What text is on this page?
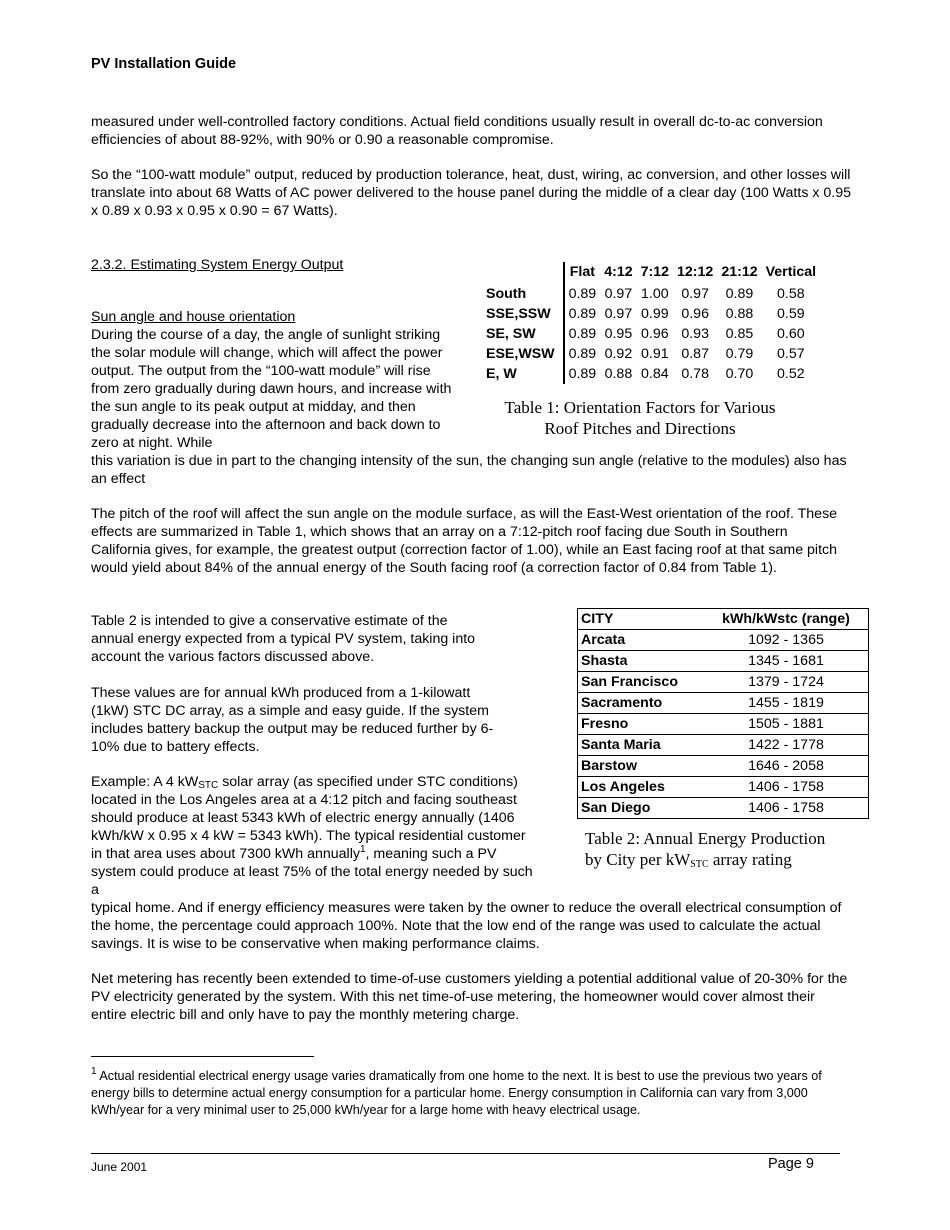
PV Installation Guide

measured under well-controlled factory conditions. Actual field conditions usually result in overall dc-to-ac conversion efficiencies of about 88-92%, with 90% or 0.90 a reasonable compromise.

So the “100-watt module” output, reduced by production tolerance, heat, dust, wiring, ac conversion, and other losses will translate into about 68 Watts of AC power delivered to the house panel during the middle of a clear day (100 Watts x 0.95 x 0.89 x 0.93 x 0.95 x 0.90 = 67 Watts).

2.3.2. Estimating System Energy Output
Sun angle and house orientation

During the course of a day, the angle of sunlight striking the solar module will change, which will affect the power output. The output from the “100-watt module” will rise from zero gradually during dawn hours, and increase with the sun angle to its peak output at midday, and then gradually decrease into the afternoon and back down to zero at night. While

this variation is due in part to the changing intensity of the sun, the changing sun angle (relative to the modules) also has an effect

	Flat	4:12	7:12	12:12	21:12	Vertical
South	0.89	0.97	1.00	0.97	0.89	0.58
SSE,SSW	0.89	0.97	0.99	0.96	0.88	0.59
SE, SW	0.89	0.95	0.96	0.93	0.85	0.60
ESE,WSW	0.89	0.92	0.91	0.87	0.79	0.57
E, W	0.89	0.88	0.84	0.78	0.70	0.52
Table 1: Orientation Factors for Various
Roof Pitches and Directions

The pitch of the roof will affect the sun angle on the module surface, as will the East-West orientation of the roof. These effects are summarized in Table 1, which shows that an array on a 7:12-pitch roof facing due South in Southern California gives, for example, the greatest output (correction factor of 1.00), while an East facing roof at that same pitch would yield about 84% of the annual energy of the South facing roof (a correction factor of 0.84 from Table 1).

Table 2 is intended to give a conservative estimate of the annual energy expected from a typical PV system, taking into account the various factors discussed above.

These values are for annual kWh produced from a 1-kilowatt (1kW) STC DC array, as a simple and easy guide. If the system includes battery backup the output may be reduced further by 6-10% due to battery effects.

Example: A 4 $kW_{STC}$ solar array (as specified under STC conditions) located in the Los Angeles area at a 4:12 pitch and facing southeast should produce at least 5343 kWh of electric energy annually (1406 kWh/kW x 0.95 x 4 kW = 5343 kWh). The typical residential customer in that area uses about 7300 kWh annually$^1$, meaning such a PV system could produce at least 75% of the total energy needed by such a

typical home. And if energy efficiency measures were taken by the owner to reduce the overall electrical consumption of the home, the percentage could approach 100%. Note that the low end of the range was used to calculate the actual savings. It is wise to be conservative when making performance claims.

CITY	kWh/kWstc (range)
Arcata	1092 - 1365
Shasta	1345 - 1681
San Francisco	1379 - 1724
Sacramento	1455 - 1819
Fresno	1505 - 1881
Santa Maria	1422 - 1778
Barstow	1646 - 2058
Los Angeles	1406 - 1758
San Diego	1406 - 1758
Table 2: Annual Energy Production
by City per $kW_{STC}$ array rating

Net metering has recently been extended to time-of-use customers yielding a potential additional value of 20-30% for the PV electricity generated by the system. With this net time-of-use metering, the homeowner would cover almost their entire electric bill and only have to pay the monthly metering charge.

$^1$ Actual residential electrical energy usage varies dramatically from one home to the next. It is best to use the previous two years of energy bills to determine actual energy consumption for a particular home. Energy consumption in California can vary from 3,000 kWh/year for a very minimal user to 25,000 kWh/year for a large home with heavy electrical usage.

June 2001	Page 9
